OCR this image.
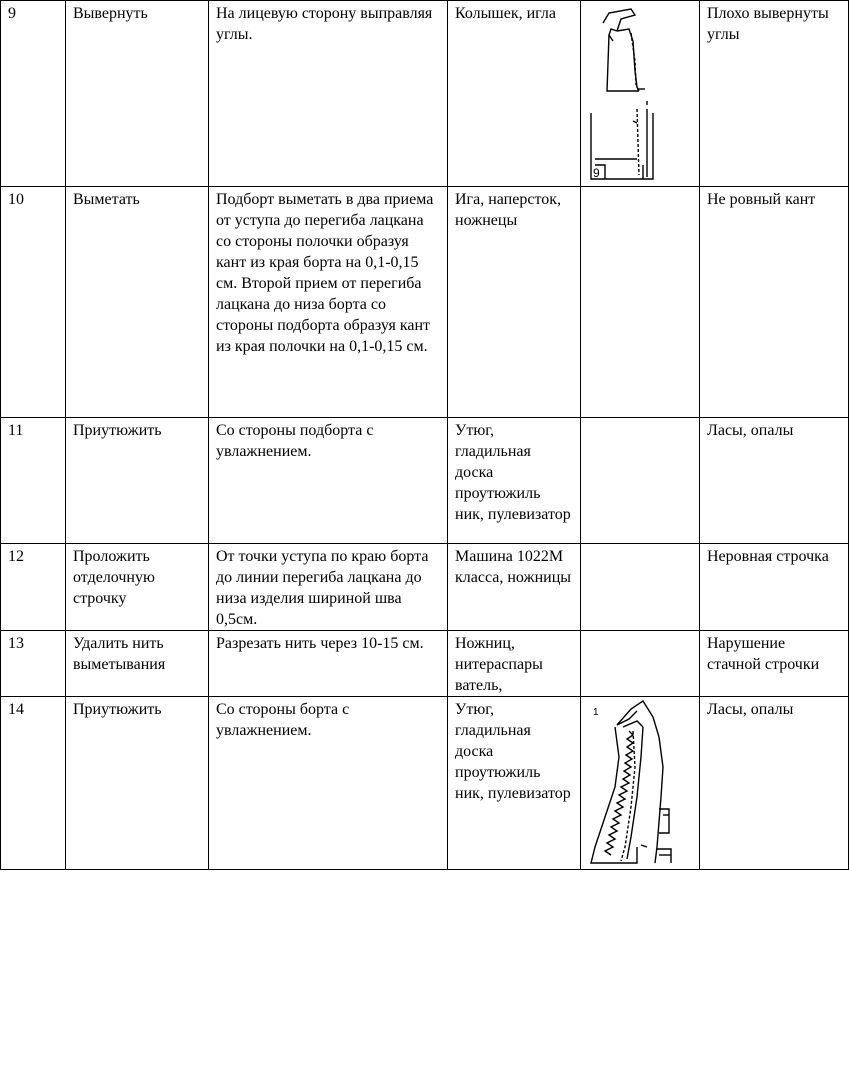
9	Вывернуть	На лицевую сторону выправляя углы.	Колышек, игла	9	Плохо вывернуты углы
10	Выметать	Подборт выметать в два приема от уступа до перегиба лацкана со стороны полочки образуя кант из края борта на 0,1-0,15 см. Второй прием от перегиба лацкана до низа борта со стороны подборта образуя кант из края полочки на 0,1-0,15 см.	Ига, наперсток, ножнецы		Не ровный кант
11	Приутюжить	Со стороны подборта с увлажнением.	Утюг, гладильная доска проутюжиль ник, пулевизатор		Ласы, опалы
12	Проложить отделочную строчку	От точки уступа по краю борта до линии перегиба лацкана до низа изделия шириной шва 0,5см.	Машина 1022М класса, ножницы		Неровная строчка
13	Удалить нить выметывания	Разрезать нить через 10-15 см.	Ножниц, нитераспары ватель,		Нарушение стачной строчки
14	Приутюжить	Со стороны борта с увлажнением.	Утюг, гладильная доска проутюжиль ник, пулевизатор	1	Ласы, опалы
